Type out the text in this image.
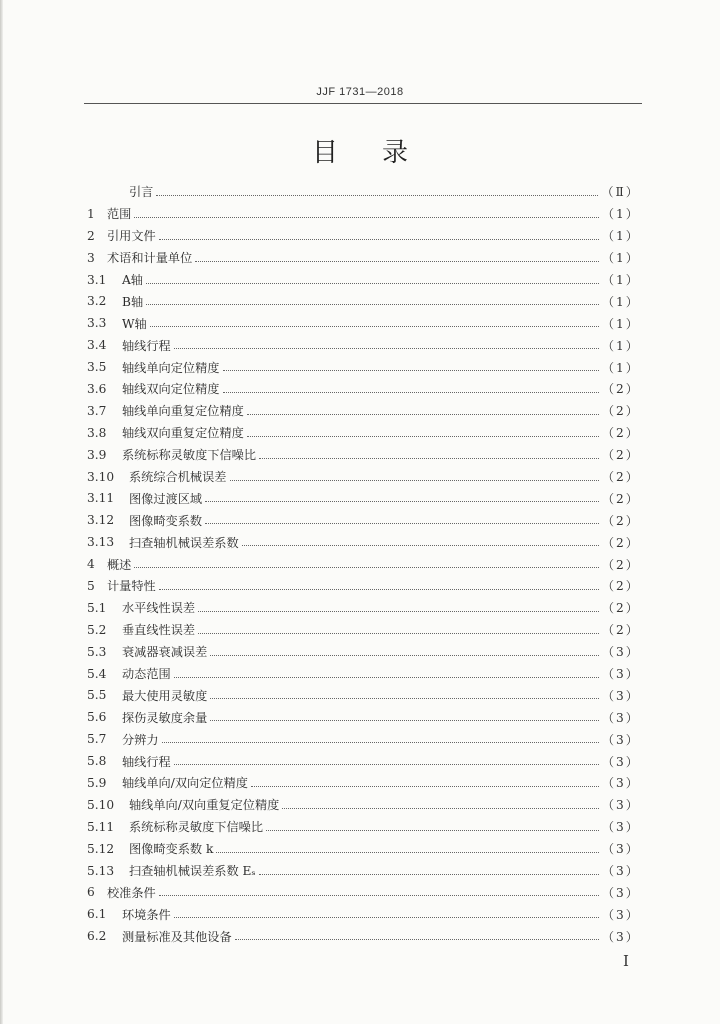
JJF 1731—2018
目录
引言	（Ⅱ）
1	范围	（1）
2	引用文件	（1）
3	术语和计量单位	（1）
3.1	A轴	（1）
3.2	B轴	（1）
3.3	W轴	（1）
3.4	轴线行程	（1）
3.5	轴线单向定位精度	（1）
3.6	轴线双向定位精度	（2）
3.7	轴线单向重复定位精度	（2）
3.8	轴线双向重复定位精度	（2）
3.9	系统标称灵敏度下信噪比	（2）
3.10	系统综合机械误差	（2）
3.11	图像过渡区域	（2）
3.12	图像畸变系数	（2）
3.13	扫查轴机械误差系数	（2）
4	概述	（2）
5	计量特性	（2）
5.1	水平线性误差	（2）
5.2	垂直线性误差	（2）
5.3	衰减器衰减误差	（3）
5.4	动态范围	（3）
5.5	最大使用灵敏度	（3）
5.6	探伤灵敏度余量	（3）
5.7	分辨力	（3）
5.8	轴线行程	（3）
5.9	轴线单向/双向定位精度	（3）
5.10	轴线单向/双向重复定位精度	（3）
5.11	系统标称灵敏度下信噪比	（3）
5.12	图像畸变系数 k	（3）
5.13	扫查轴机械误差系数 Eₛ	（3）
6	校准条件	（3）
6.1	环境条件	（3）
6.2	测量标准及其他设备	（3）
I
